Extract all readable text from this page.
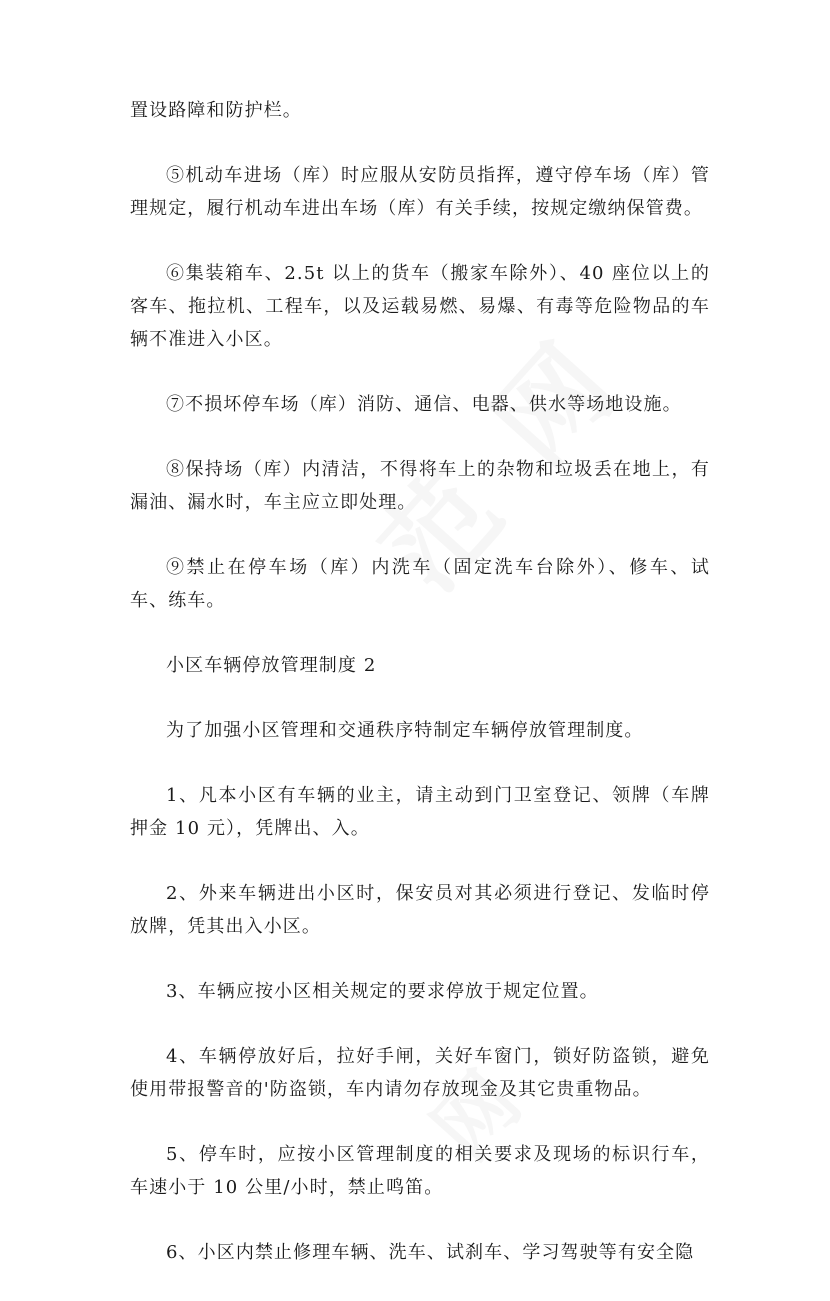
置设路障和防护栏。

⑤机动车进场（库）时应服从安防员指挥，遵守停车场（库）管理规定，履行机动车进出车场（库）有关手续，按规定缴纳保管费。

⑥集装箱车、2.5t 以上的货车（搬家车除外）、40 座位以上的客车、拖拉机、工程车，以及运载易燃、易爆、有毒等危险物品的车辆不准进入小区。

⑦不损坏停车场（库）消防、通信、电器、供水等场地设施。

⑧保持场（库）内清洁，不得将车上的杂物和垃圾丢在地上，有漏油、漏水时，车主应立即处理。

⑨禁止在停车场（库）内洗车（固定洗车台除外）、修车、试车、练车。

小区车辆停放管理制度 2

为了加强小区管理和交通秩序特制定车辆停放管理制度。

1、凡本小区有车辆的业主，请主动到门卫室登记、领牌（车牌押金 10 元），凭牌出、入。

2、外来车辆进出小区时，保安员对其必须进行登记、发临时停放牌，凭其出入小区。

3、车辆应按小区相关规定的要求停放于规定位置。

4、车辆停放好后，拉好手闸，关好车窗门，锁好防盗锁，避免使用带报警音的'防盗锁，车内请勿存放现金及其它贵重物品。

5、停车时，应按小区管理制度的相关要求及现场的标识行车，车速小于 10 公里/小时，禁止鸣笛。

6、小区内禁止修理车辆、洗车、试刹车、学习驾驶等有安全隐
